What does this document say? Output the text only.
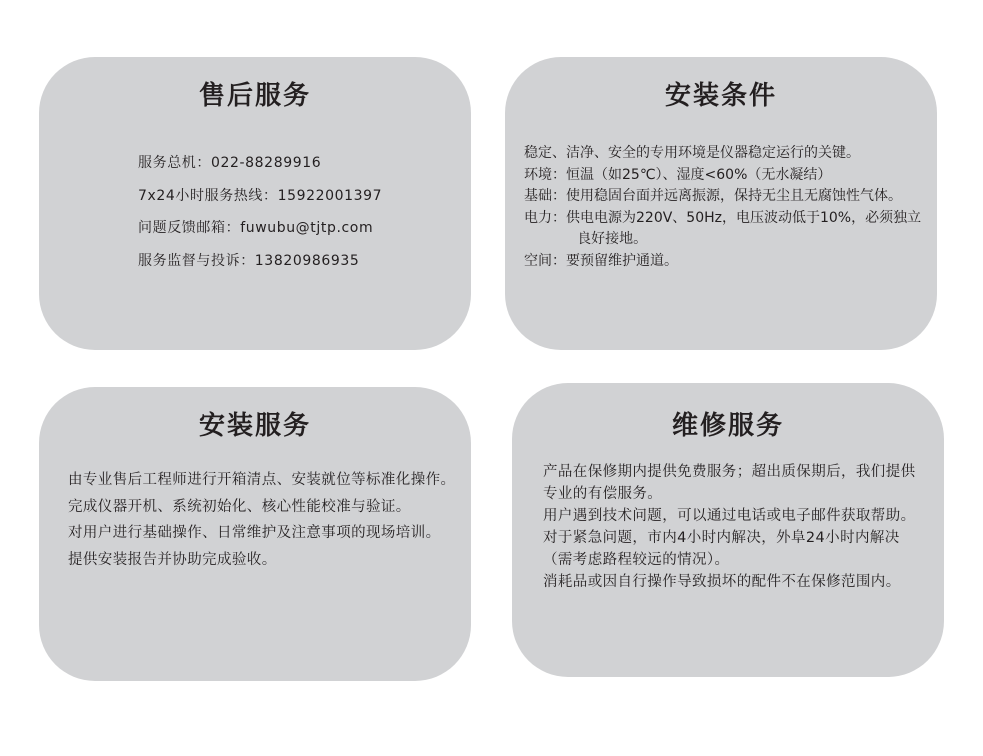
售后服务
服务总机：022-88289916
7x24小时服务热线：15922001397
问题反馈邮箱：fuwubu@tjtp.com
服务监督与投诉：13820986935
安装条件
稳定、洁净、安全的专用环境是仪器稳定运行的关键。
环境：恒温（如25℃）、湿度<60%（无水凝结）
基础：使用稳固台面并远离振源，保持无尘且无腐蚀性气体。
电力：供电电源为220V、50Hz，电压波动低于10%，必须独立良好接地。
空间：要预留维护通道。
安装服务
由专业售后工程师进行开箱清点、安装就位等标准化操作。
完成仪器开机、系统初始化、核心性能校准与验证。
对用户进行基础操作、日常维护及注意事项的现场培训。
提供安装报告并协助完成验收。
维修服务
产品在保修期内提供免费服务；超出质保期后，我们提供专业的有偿服务。
用户遇到技术问题，可以通过电话或电子邮件获取帮助。
对于紧急问题，市内4小时内解决，外阜24小时内解决（需考虑路程较远的情况）。
消耗品或因自行操作导致损坏的配件不在保修范围内。
